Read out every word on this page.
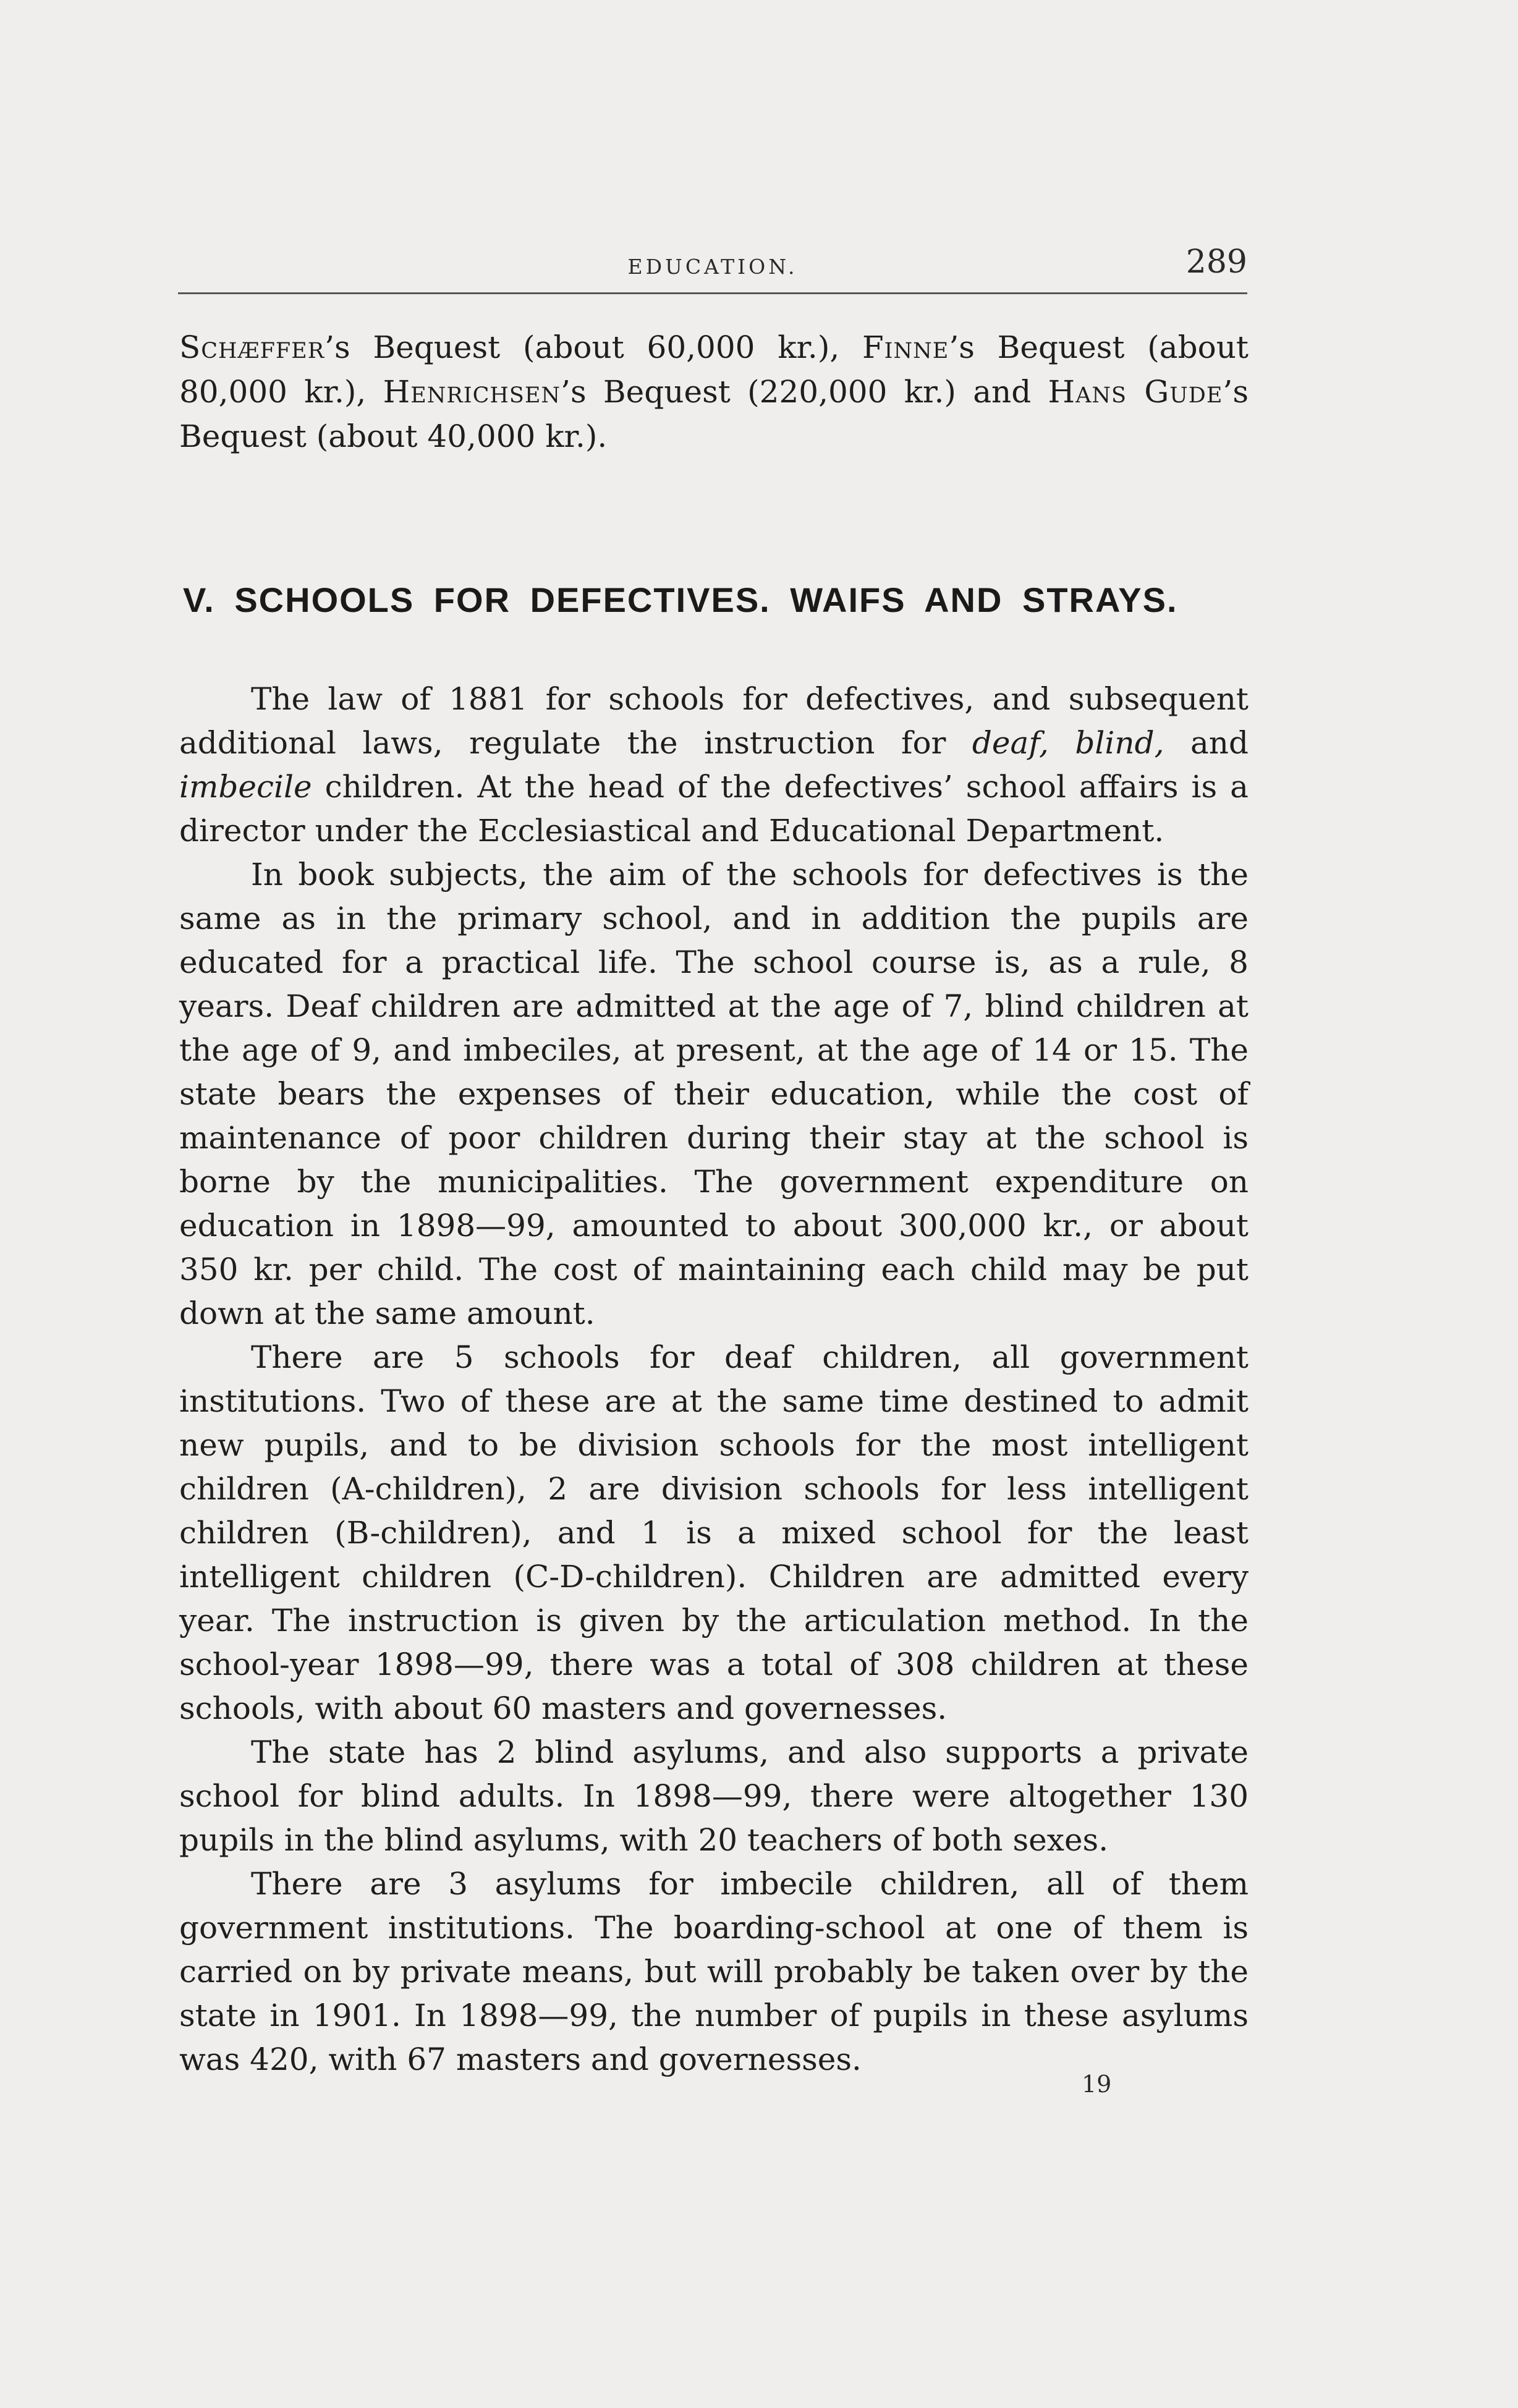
EDUCATION.	289
Schæffer’s Bequest (about 60,000 kr.), Finne’s Bequest (about 80,000 kr.), Henrichsen’s Bequest (220,000 kr.) and Hans Gude’s Bequest (about 40,000 kr.).
V. SCHOOLS FOR DEFECTIVES. WAIFS AND STRAYS.

The law of 1881 for schools for defectives, and subsequent additional laws, regulate the instruction for deaf, blind, and imbecile children. At the head of the defectives’ school affairs is a director under the Ecclesiastical and Educational Department.

In book subjects, the aim of the schools for defectives is the same as in the primary school, and in addition the pupils are educated for a practical life. The school course is, as a rule, 8 years. Deaf children are admitted at the age of 7, blind children at the age of 9, and imbeciles, at present, at the age of 14 or 15. The state bears the expenses of their education, while the cost of maintenance of poor children during their stay at the school is borne by the municipalities. The government expenditure on education in 1898—99, amounted to about 300,000 kr., or about 350 kr. per child. The cost of maintaining each child may be put down at the same amount.

There are 5 schools for deaf children, all government institutions. Two of these are at the same time destined to admit new pupils, and to be division schools for the most intelligent children (A-children), 2 are division schools for less intelligent children (B-children), and 1 is a mixed school for the least intelligent children (C-D-children). Children are admitted every year. The instruction is given by the articulation method. In the school-year 1898—99, there was a total of 308 children at these schools, with about 60 masters and governesses.

The state has 2 blind asylums, and also supports a private school for blind adults. In 1898—99, there were altogether 130 pupils in the blind asylums, with 20 teachers of both sexes.

There are 3 asylums for imbecile children, all of them government institutions. The boarding-school at one of them is carried on by private means, but will probably be taken over by the state in 1901. In 1898—99, the number of pupils in these asylums was 420, with 67 masters and governesses.

19
